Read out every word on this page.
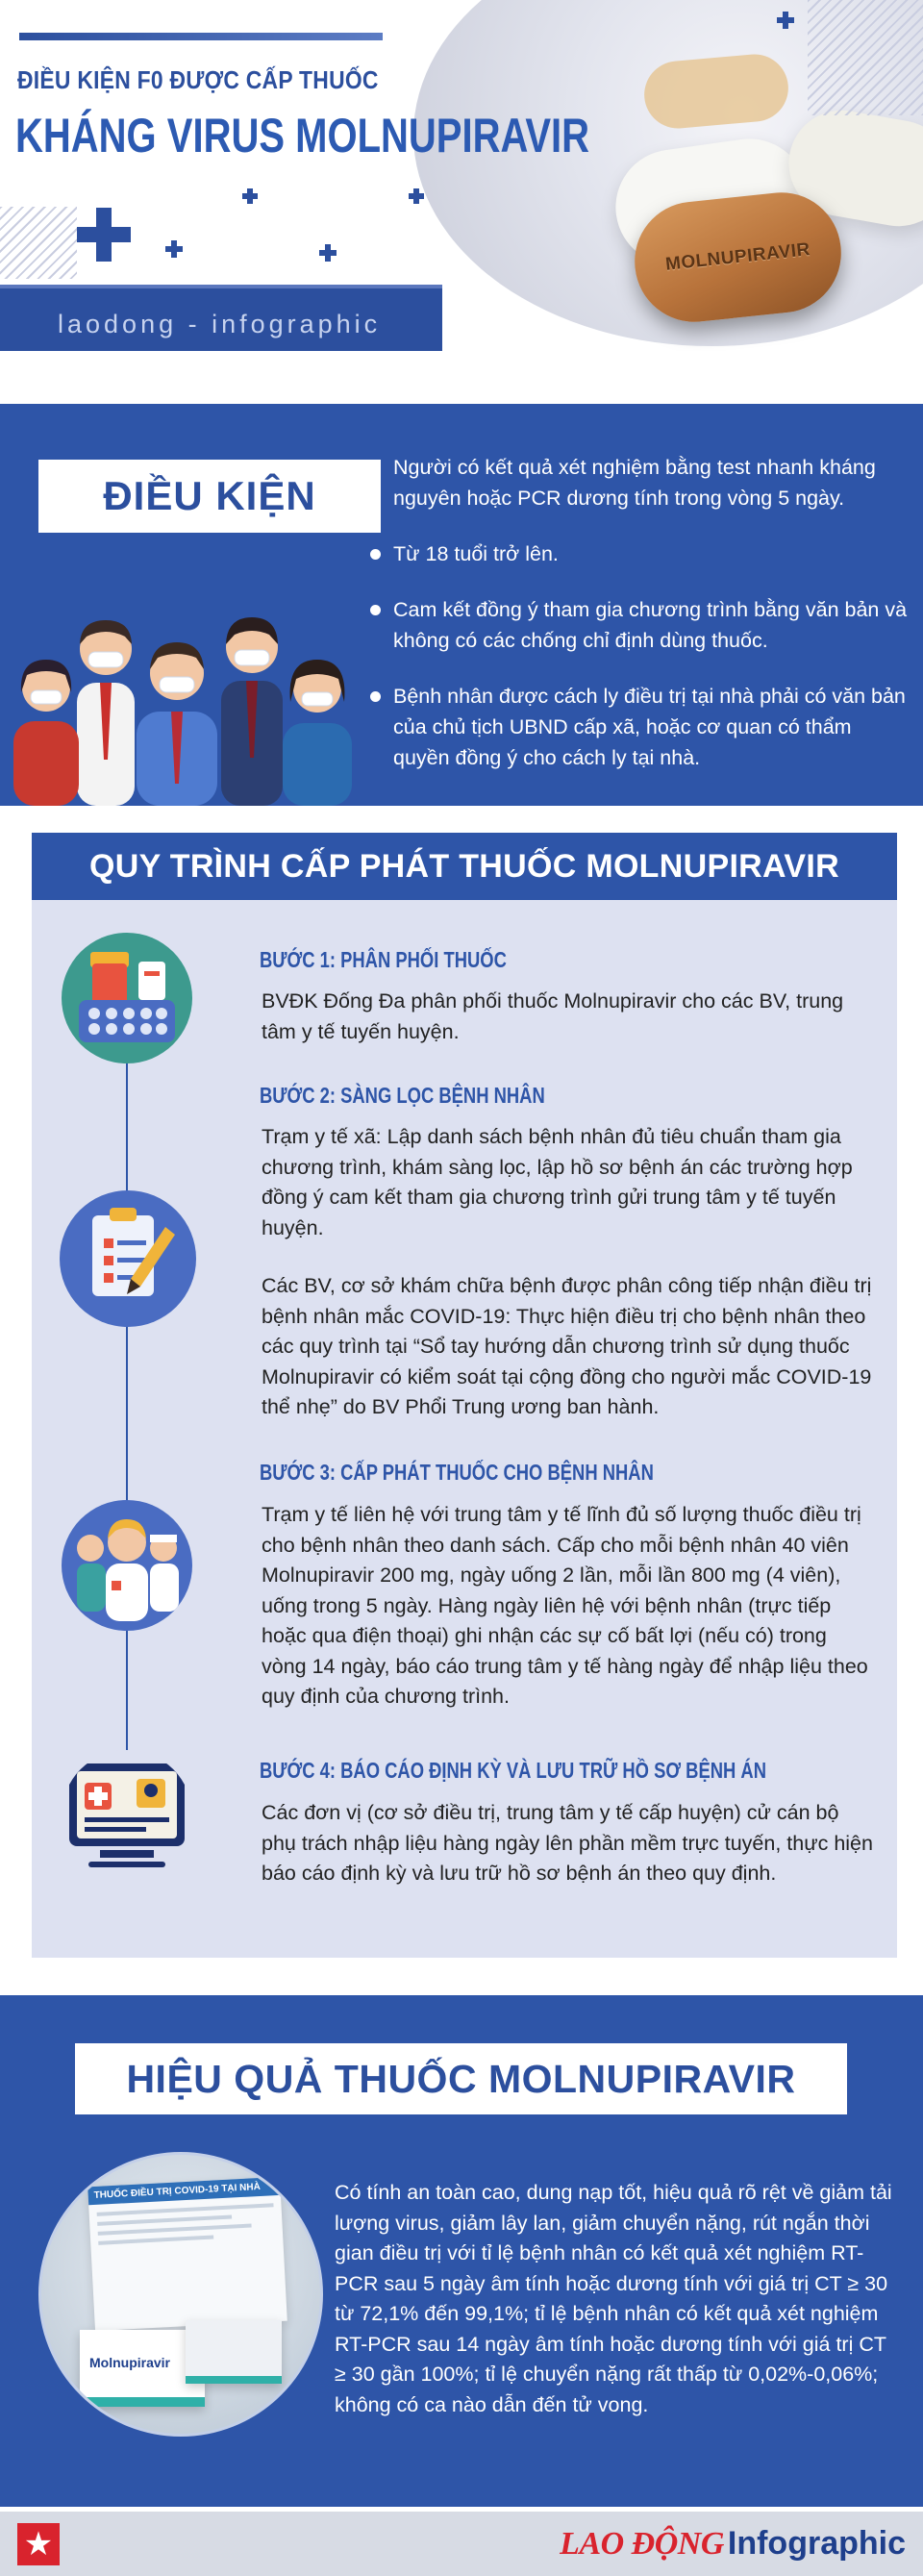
ĐIỀU KIỆN F0 ĐƯỢC CẤP THUỐC
KHÁNG VIRUS MOLNUPIRAVIR
laodong - infographic
MOLNUPIRAVIR
ĐIỀU KIỆN
Người có kết quả xét nghiệm bằng test nhanh kháng nguyên hoặc PCR dương tính trong vòng 5 ngày.
Từ 18 tuổi trở lên.
Cam kết đồng ý tham gia chương trình bằng văn bản và không có các chống chỉ định dùng thuốc.
Bệnh nhân được cách ly điều trị tại nhà phải có văn bản của chủ tịch UBND cấp xã, hoặc cơ quan có thẩm quyền đồng ý cho cách ly tại nhà.
QUY TRÌNH CẤP PHÁT THUỐC MOLNUPIRAVIR
BƯỚC 1: PHÂN PHỐI THUỐC

BVĐK Đống Đa phân phối thuốc Molnupiravir cho các BV, trung tâm y tế tuyến huyện.

BƯỚC 2: SÀNG LỌC BỆNH NHÂN

Trạm y tế xã: Lập danh sách bệnh nhân đủ tiêu chuẩn tham gia chương trình, khám sàng lọc, lập hồ sơ bệnh án các trường hợp đồng ý cam kết tham gia chương trình gửi trung tâm y tế tuyến huyện.

Các BV, cơ sở khám chữa bệnh được phân công tiếp nhận điều trị bệnh nhân mắc COVID-19: Thực hiện điều trị cho bệnh nhân theo các quy trình tại “Sổ tay hướng dẫn chương trình sử dụng thuốc Molnupiravir có kiểm soát tại cộng đồng cho người mắc COVID-19 thể nhẹ” do BV Phổi Trung ương ban hành.

BƯỚC 3: CẤP PHÁT THUỐC CHO BỆNH NHÂN

Trạm y tế liên hệ với trung tâm y tế lĩnh đủ số lượng thuốc điều trị cho bệnh nhân theo danh sách. Cấp cho mỗi bệnh nhân 40 viên Molnupiravir 200 mg, ngày uống 2 lần, mỗi lần 800 mg (4 viên), uống trong 5 ngày. Hàng ngày liên hệ với bệnh nhân (trực tiếp hoặc qua điện thoại) ghi nhận các sự cố bất lợi (nếu có) trong vòng 14 ngày, báo cáo trung tâm y tế hàng ngày để nhập liệu theo quy định của chương trình.

BƯỚC 4: BÁO CÁO ĐỊNH KỲ VÀ LƯU TRỮ HỒ SƠ BỆNH ÁN

Các đơn vị (cơ sở điều trị, trung tâm y tế cấp huyện) cử cán bộ phụ trách nhập liệu hàng ngày lên phần mềm trực tuyến, thực hiện báo cáo định kỳ và lưu trữ hồ sơ bệnh án theo quy định.

HIỆU QUẢ THUỐC MOLNUPIRAVIR
THUỐC ĐIỀU TRỊ COVID-19 TẠI NHÀ
Molnupiravir

Có tính an toàn cao, dung nạp tốt, hiệu quả rõ rệt về giảm tải lượng virus, giảm lây lan, giảm chuyển nặng, rút ngắn thời gian điều trị với tỉ lệ bệnh nhân có kết quả xét nghiệm RT-PCR sau 5 ngày âm tính hoặc dương tính với giá trị CT ≥ 30 từ 72,1% đến 99,1%; tỉ lệ bệnh nhân có kết quả xét nghiệm RT-PCR sau 14 ngày âm tính hoặc dương tính với giá trị CT ≥ 30 gần 100%; tỉ lệ chuyển nặng rất thấp từ 0,02%-0,06%; không có ca nào dẫn đến tử vong.

★	LAO ĐỘNG Infographic
